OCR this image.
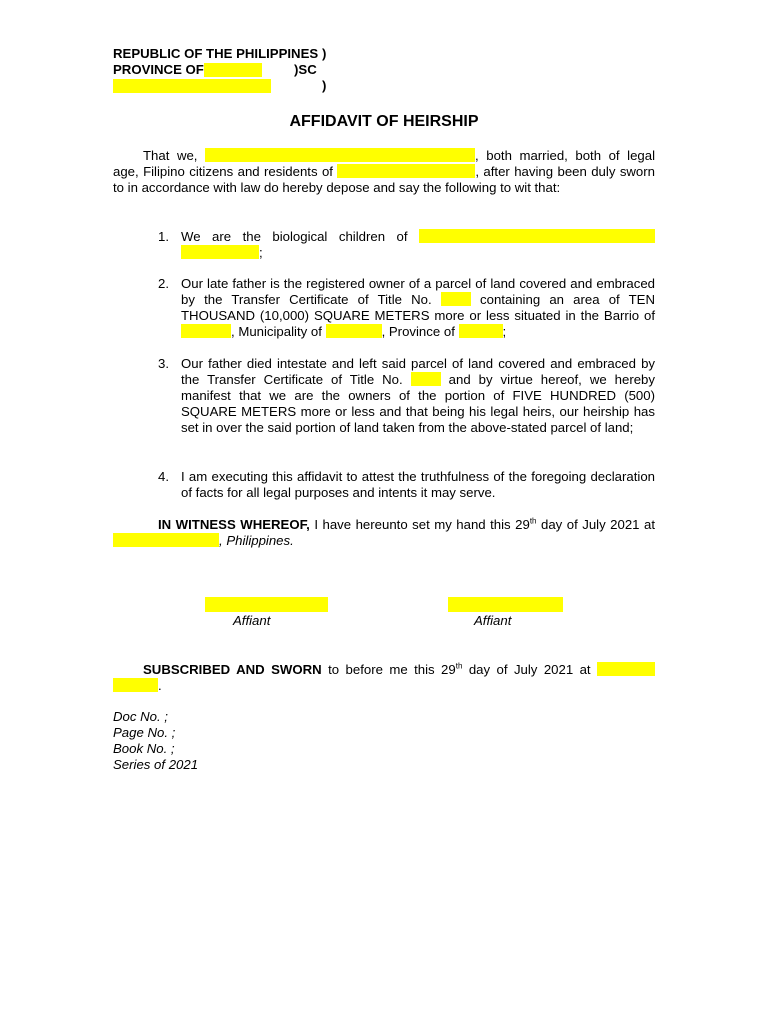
REPUBLIC OF THE PHILIPPINES )
PROVINCE OF	)SC
)
AFFIDAVIT OF HEIRSHIP

That we,	, both married, both of legal age, Filipino citizens and residents of	, after having been duly sworn to in accordance with law do hereby depose and say the following to wit that:

1. We are the biological children of  ;

2. Our late father is the registered owner of a parcel of land covered and embraced by the Transfer Certificate of Title No.	containing an area of TEN THOUSAND (10,000) SQUARE METERS more or less situated in the Barrio of , Municipality of	, Province of	;

3. Our father died intestate and left said parcel of land covered and embraced by the Transfer Certificate of Title No.	and by virtue hereof, we hereby manifest that we are the owners of the portion of FIVE HUNDRED (500) SQUARE METERS more or less and that being his legal heirs, our heirship has set in over the said portion of land taken from the above-stated parcel of land;

4. I am executing this affidavit to attest the truthfulness of the foregoing declaration of facts for all legal purposes and intents it may serve.

IN WITNESS WHEREOF, I have hereunto set my hand this 29th day of July 2021 at , Philippines.

Affiant	Affiant

SUBSCRIBED AND SWORN to before me this 29th day of July 2021 at  .

Doc No. ;
Page No. ;
Book No. ;
Series of 2021
